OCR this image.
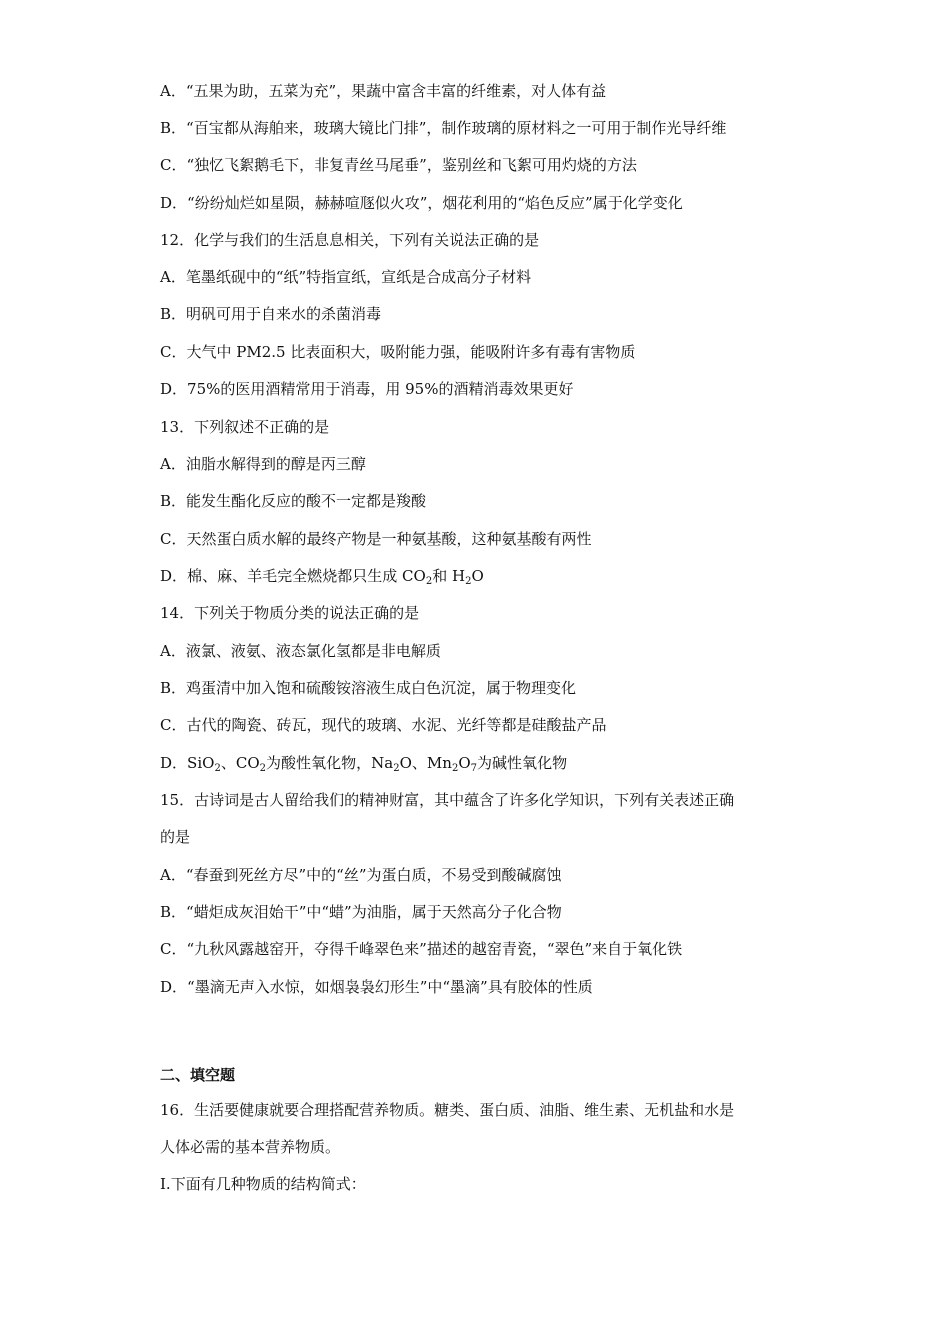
A．“五果为助，五菜为充”，果蔬中富含丰富的纤维素，对人体有益
B．“百宝都从海舶来，玻璃大镜比门排”，制作玻璃的原材料之一可用于制作光导纤维
C．“独忆飞絮鹅毛下，非复青丝马尾垂”，鉴别丝和飞絮可用灼烧的方法
D．“纷纷灿烂如星陨，赫赫喧豗似火攻”，烟花利用的“焰色反应”属于化学变化
12．化学与我们的生活息息相关，下列有关说法正确的是
A．笔墨纸砚中的“纸”特指宣纸，宣纸是合成高分子材料
B．明矾可用于自来水的杀菌消毒
C．大气中 PM2.5 比表面积大，吸附能力强，能吸附许多有毒有害物质
D．75%的医用酒精常用于消毒，用 95%的酒精消毒效果更好
13．下列叙述不正确的是
A．油脂水解得到的醇是丙三醇
B．能发生酯化反应的酸不一定都是羧酸
C．天然蛋白质水解的最终产物是一种氨基酸，这种氨基酸有两性
D．棉、麻、羊毛完全燃烧都只生成 $CO_2$和 $H_2O$
14．下列关于物质分类的说法正确的是
A．液氯、液氨、液态氯化氢都是非电解质
B．鸡蛋清中加入饱和硫酸铵溶液生成白色沉淀，属于物理变化
C．古代的陶瓷、砖瓦，现代的玻璃、水泥、光纤等都是硅酸盐产品
D．SiO$_2$、$CO_2$为酸性氧化物，$Na_2O$、$Mn_2O_7$为碱性氧化物
15．古诗词是古人留给我们的精神财富，其中蕴含了许多化学知识，下列有关表述正确
的是
A．“春蚕到死丝方尽”中的“丝”为蛋白质，不易受到酸碱腐蚀
B．“蜡炬成灰泪始干”中“蜡”为油脂，属于天然高分子化合物
C．“九秋风露越窑开，夺得千峰翠色来”描述的越窑青瓷，“翠色”来自于氧化铁
D．“墨滴无声入水惊，如烟袅袅幻形生”中“墨滴”具有胶体的性质
二、填空题
16．生活要健康就要合理搭配营养物质。糖类、蛋白质、油脂、维生素、无机盐和水是
人体必需的基本营养物质。
Ⅰ.下面有几种物质的结构简式：
